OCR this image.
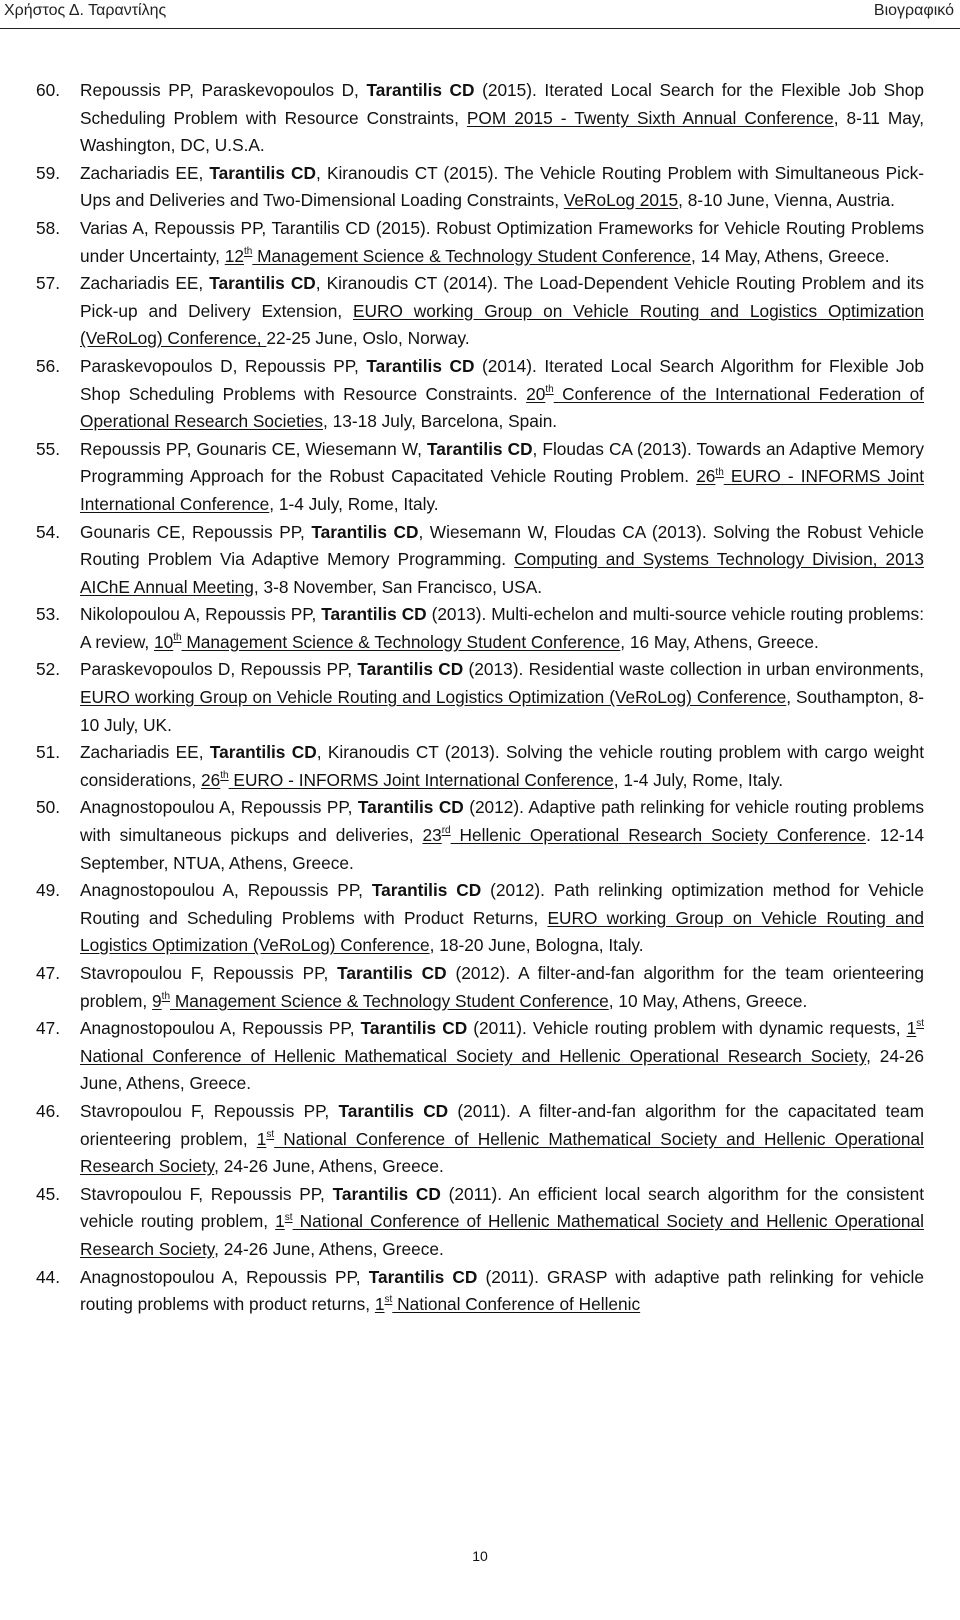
Χρήστος Δ. Ταραντίλης	Βιογραφικό

60. Repoussis PP, Paraskevopoulos D, Tarantilis CD (2015). Iterated Local Search for the Flexible Job Shop Scheduling Problem with Resource Constraints, POM 2015 - Twenty Sixth Annual Conference, 8-11 May, Washington, DC, U.S.A.

59. Zachariadis EE, Tarantilis CD, Kiranoudis CT (2015). The Vehicle Routing Problem with Simultaneous Pick-Ups and Deliveries and Two-Dimensional Loading Constraints, VeRoLog 2015, 8-10 June, Vienna, Austria.

58. Varias A, Repoussis PP, Tarantilis CD (2015). Robust Optimization Frameworks for Vehicle Routing Problems under Uncertainty, 12th Management Science & Technology Student Conference, 14 May, Athens, Greece.

57. Zachariadis EE, Tarantilis CD, Kiranoudis CT (2014). The Load-Dependent Vehicle Routing Problem and its Pick-up and Delivery Extension, EURO working Group on Vehicle Routing and Logistics Optimization (VeRoLog) Conference, 22-25 June, Oslo, Norway.

56. Paraskevopoulos D, Repoussis PP, Tarantilis CD (2014). Iterated Local Search Algorithm for Flexible Job Shop Scheduling Problems with Resource Constraints. 20th Conference of the International Federation of Operational Research Societies, 13-18 July, Barcelona, Spain.

55. Repoussis PP, Gounaris CE, Wiesemann W, Tarantilis CD, Floudas CA (2013). Towards an Adaptive Memory Programming Approach for the Robust Capacitated Vehicle Routing Problem. 26th EURO - INFORMS Joint International Conference, 1-4 July, Rome, Italy.

54. Gounaris CE, Repoussis PP, Tarantilis CD, Wiesemann W, Floudas CA (2013). Solving the Robust Vehicle Routing Problem Via Adaptive Memory Programming. Computing and Systems Technology Division, 2013 AIChE Annual Meeting, 3-8 November, San Francisco, USA.

53. Nikolopoulou A, Repoussis PP, Tarantilis CD (2013). Multi-echelon and multi-source vehicle routing problems: A review, 10th Management Science & Technology Student Conference, 16 May, Athens, Greece.

52. Paraskevopoulos D, Repoussis PP, Tarantilis CD (2013). Residential waste collection in urban environments, EURO working Group on Vehicle Routing and Logistics Optimization (VeRoLog) Conference, Southampton, 8-10 July, UK.

51. Zachariadis EE, Tarantilis CD, Kiranoudis CT (2013). Solving the vehicle routing problem with cargo weight considerations, 26th EURO - INFORMS Joint International Conference, 1-4 July, Rome, Italy.

50. Anagnostopoulou A, Repoussis PP, Tarantilis CD (2012). Adaptive path relinking for vehicle routing problems with simultaneous pickups and deliveries, 23rd Hellenic Operational Research Society Conference. 12-14 September, NTUA, Athens, Greece.

49. Anagnostopoulou A, Repoussis PP, Tarantilis CD (2012). Path relinking optimization method for Vehicle Routing and Scheduling Problems with Product Returns, EURO working Group on Vehicle Routing and Logistics Optimization (VeRoLog) Conference, 18-20 June, Bologna, Italy.

47. Stavropoulou F, Repoussis PP, Tarantilis CD (2012). A filter-and-fan algorithm for the team orienteering problem, 9th Management Science & Technology Student Conference, 10 May, Athens, Greece.

47. Anagnostopoulou A, Repoussis PP, Tarantilis CD (2011). Vehicle routing problem with dynamic requests, 1st National Conference of Hellenic Mathematical Society and Hellenic Operational Research Society, 24-26 June, Athens, Greece.

46. Stavropoulou F, Repoussis PP, Tarantilis CD (2011). A filter-and-fan algorithm for the capacitated team orienteering problem, 1st National Conference of Hellenic Mathematical Society and Hellenic Operational Research Society, 24-26 June, Athens, Greece.

45. Stavropoulou F, Repoussis PP, Tarantilis CD (2011). An efficient local search algorithm for the consistent vehicle routing problem, 1st National Conference of Hellenic Mathematical Society and Hellenic Operational Research Society, 24-26 June, Athens, Greece.

44. Anagnostopoulou A, Repoussis PP, Tarantilis CD (2011). GRASP with adaptive path relinking for vehicle routing problems with product returns, 1st National Conference of Hellenic

10
